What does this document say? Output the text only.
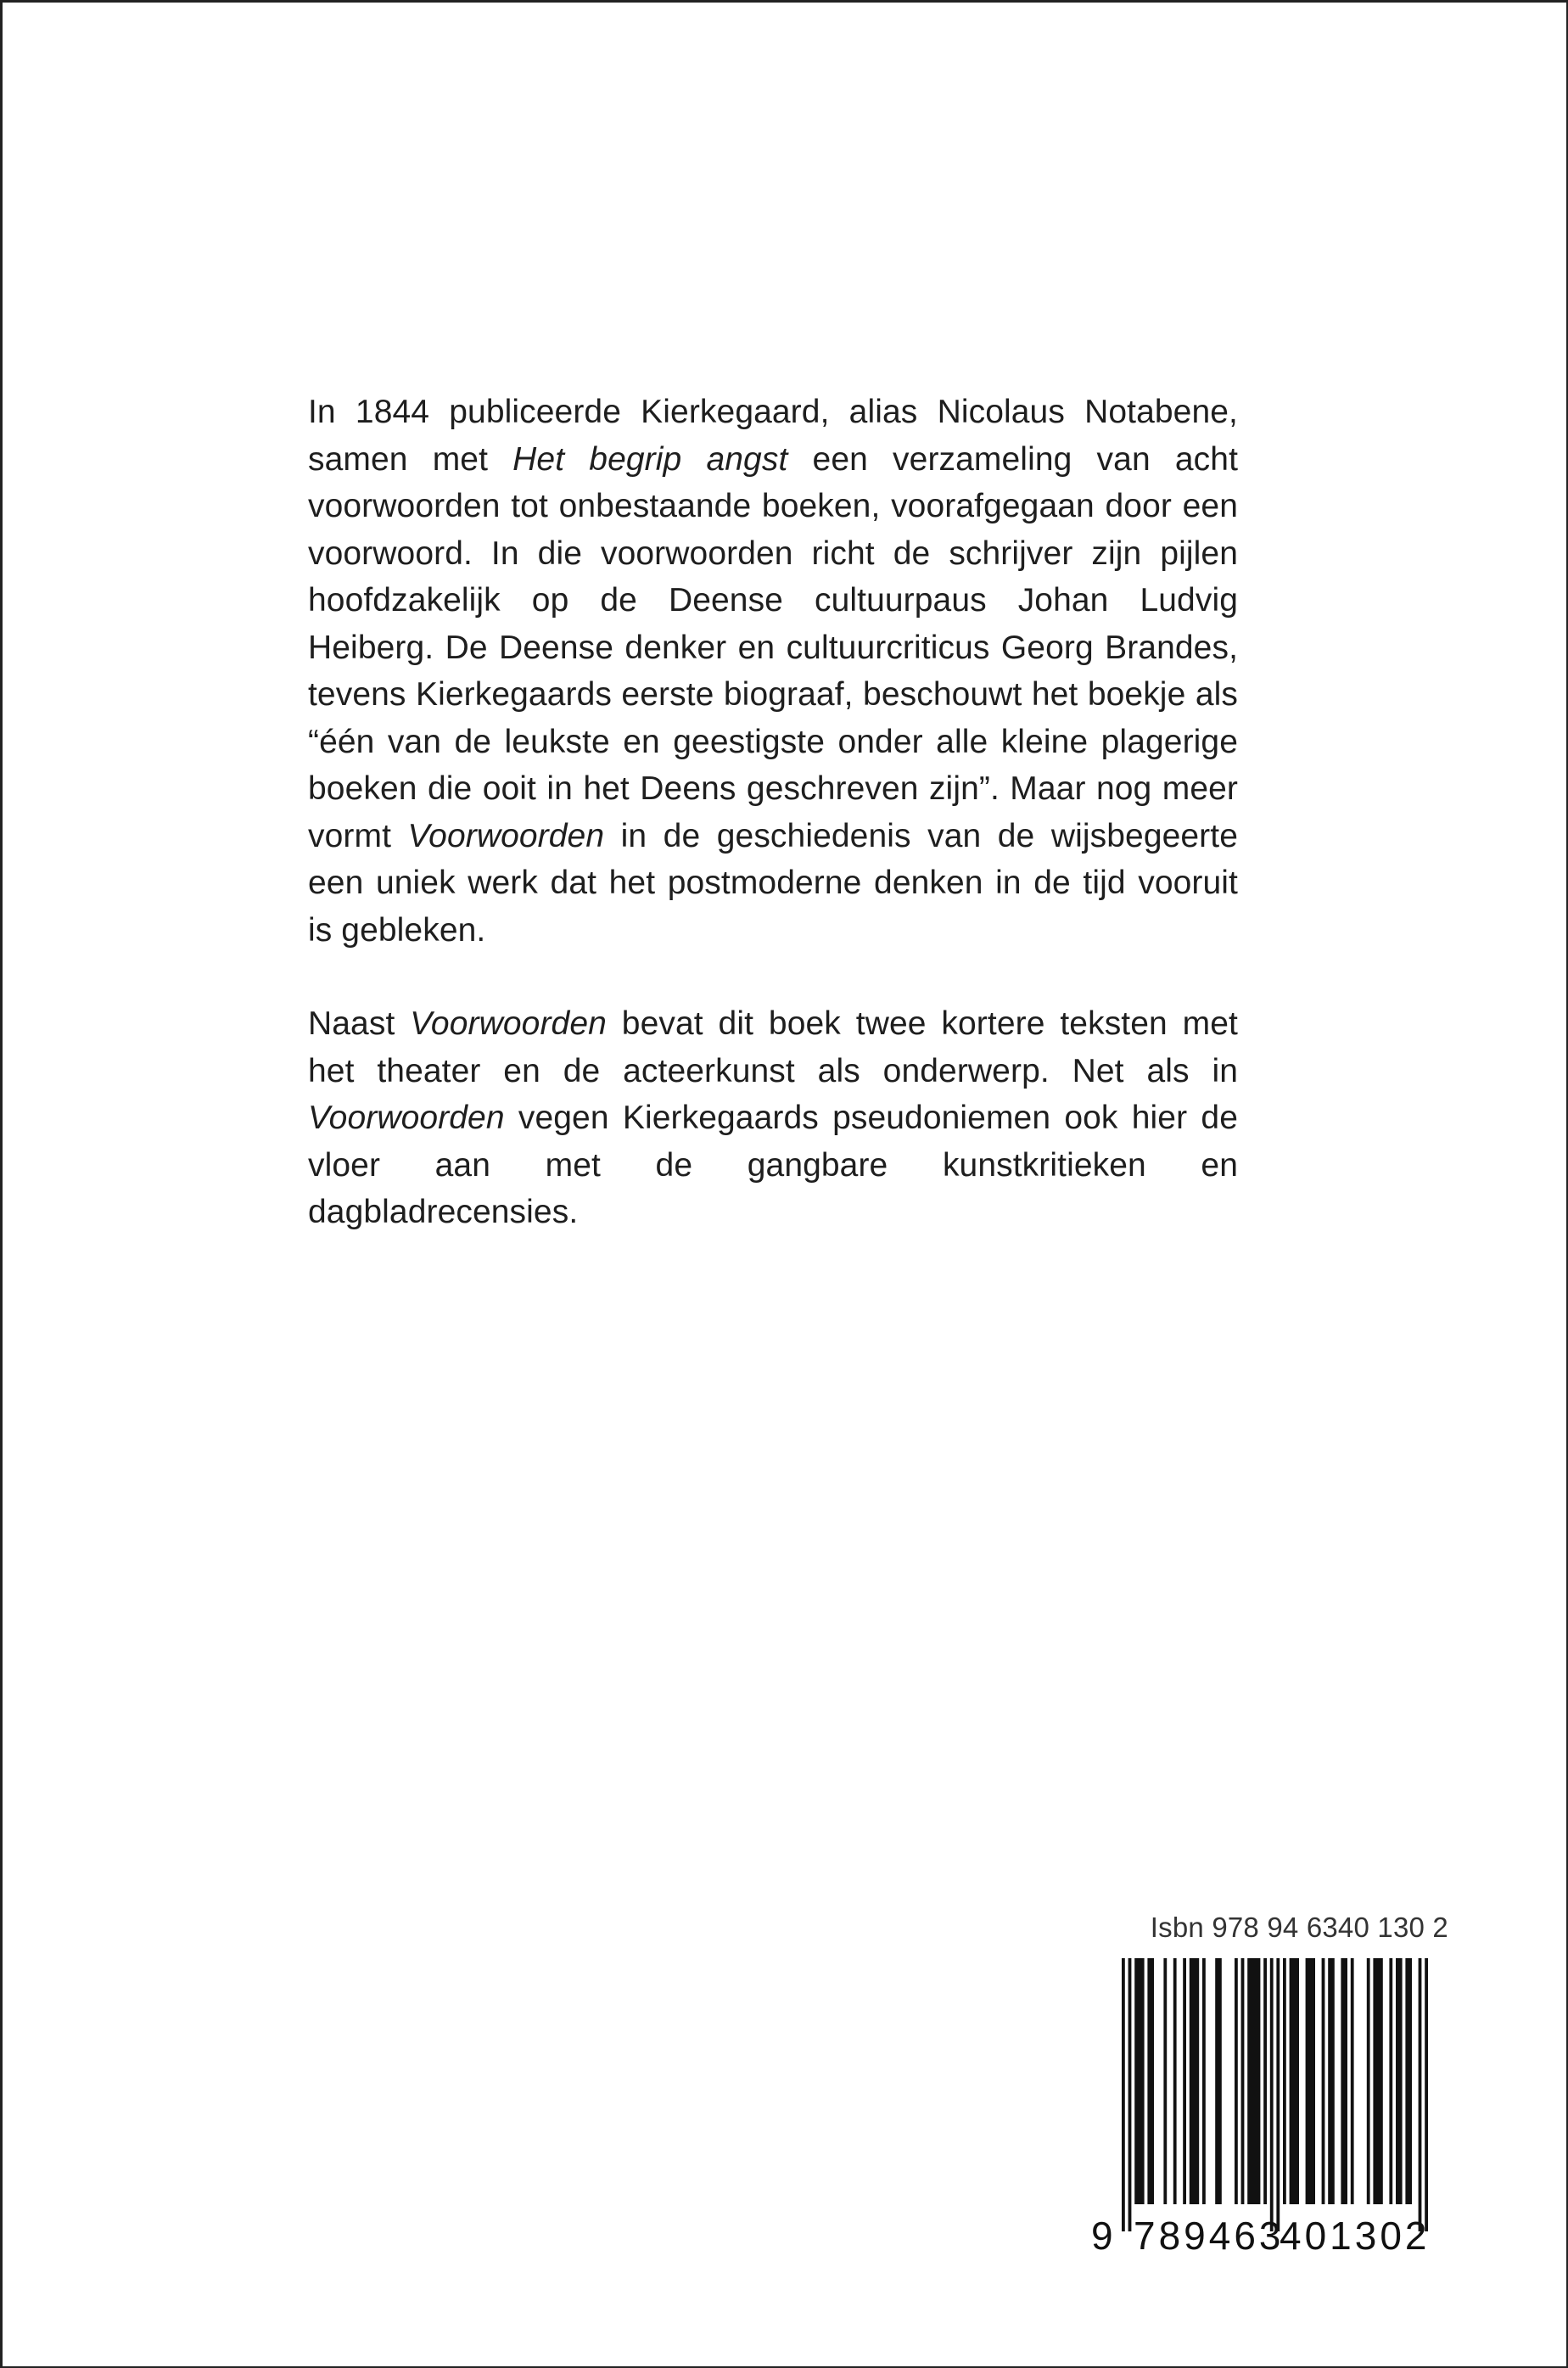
In 1844 publiceerde Kierkegaard, alias Nicolaus Notabene, samen met Het begrip angst een verzameling van acht voorwoorden tot onbestaande boeken, voorafgegaan door een voorwoord. In die voorwoorden richt de schrijver zijn pijlen hoofdzakelijk op de Deense cultuurpaus Johan Ludvig Heiberg. De Deense denker en cultuurcriticus Georg Brandes, tevens Kierkegaards eerste biograaf, beschouwt het boekje als “één van de leukste en geestigste onder alle kleine plagerige boeken die ooit in het Deens geschreven zijn”. Maar nog meer vormt Voorwoorden in de geschiedenis van de wijsbegeerte een uniek werk dat het postmoderne denken in de tijd vooruit is gebleken.

Naast Voorwoorden bevat dit boek twee kortere teksten met het theater en de acteerkunst als onderwerp. Net als in Voorwoorden vegen Kierkegaards pseudoniemen ook hier de vloer aan met de gangbare kunstkritieken en dagbladrecensies.

Isbn 978 94 6340 130 2
9 789463
401302
